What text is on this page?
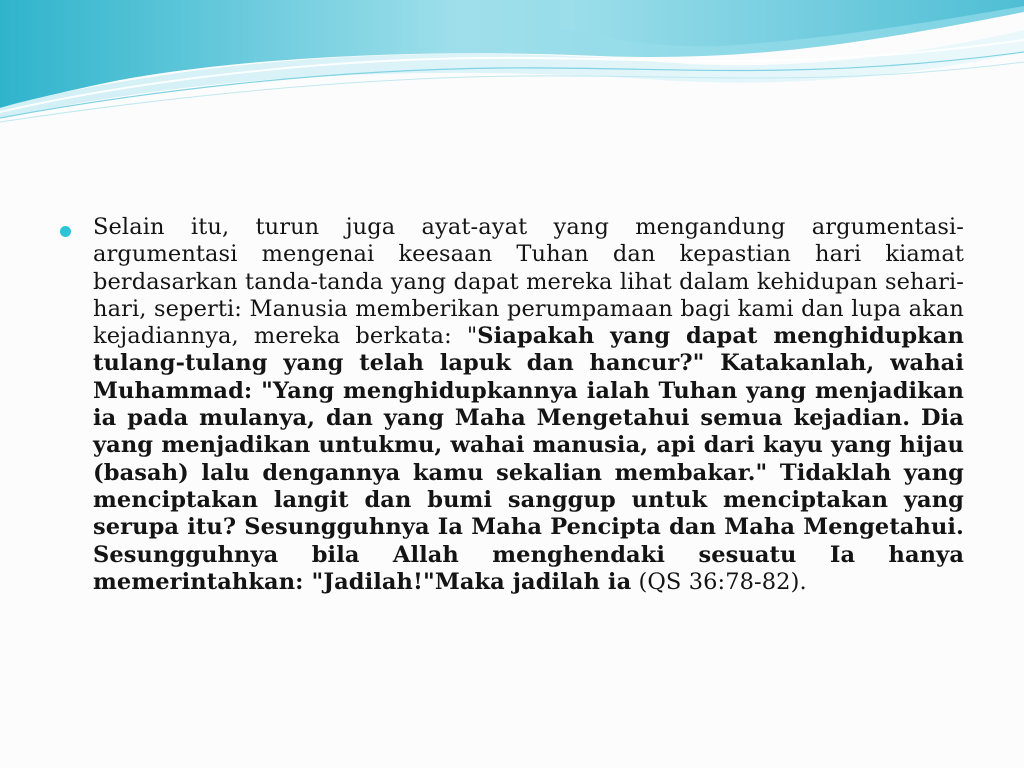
Selain itu, turun juga ayat-ayat yang mengandung argumentasi-argumentasi mengenai keesaan Tuhan dan kepastian hari kiamat berdasarkan tanda-tanda yang dapat mereka lihat dalam kehidupan sehari-hari, seperti: Manusia memberikan perumpamaan bagi kami dan lupa akan kejadiannya, mereka berkata: "Siapakah yang dapat menghidupkan tulang-tulang yang telah lapuk dan hancur?" Katakanlah, wahai Muhammad: "Yang menghidupkannya ialah Tuhan yang menjadikan ia pada mulanya, dan yang Maha Mengetahui semua kejadian. Dia yang menjadikan untukmu, wahai manusia, api dari kayu yang hijau (basah) lalu dengannya kamu sekalian membakar." Tidaklah yang menciptakan langit dan bumi sanggup untuk menciptakan yang serupa itu? Sesungguhnya Ia Maha Pencipta dan Maha Mengetahui. Sesungguhnya bila Allah menghendaki sesuatu Ia hanya memerintahkan: "Jadilah!"Maka jadilah ia (QS 36:78-82).
